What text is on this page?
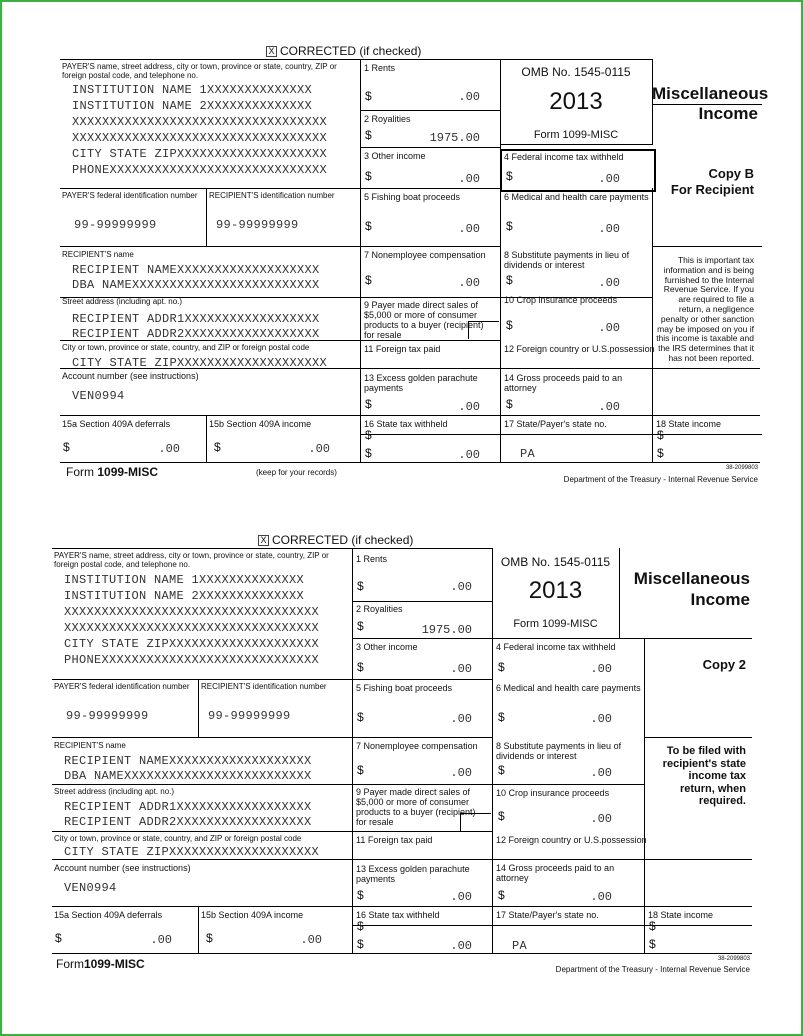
X CORRECTED (if checked)
PAYER'S name, street address, city or town, province or state, country, ZIP or foreign postal code, and telephone no.
INSTITUTION NAME 1XXXXXXXXXXXXXX
INSTITUTION NAME 2XXXXXXXXXXXXXX
XXXXXXXXXXXXXXXXXXXXXXXXXXXXXXXXXX
XXXXXXXXXXXXXXXXXXXXXXXXXXXXXXXXXX
CITY STATE ZIPXXXXXXXXXXXXXXXXXXXX
PHONEXXXXXXXXXXXXXXXXXXXXXXXXXXXXX
PAYER'S federal identification number
99-99999999
RECIPIENT'S identification number
99-99999999
RECIPIENT'S name
RECIPIENT NAMEXXXXXXXXXXXXXXXXXXX
DBA NAMEXXXXXXXXXXXXXXXXXXXXXXXXX
Street address (including apt. no.)
RECIPIENT ADDR1XXXXXXXXXXXXXXXXXX
RECIPIENT ADDR2XXXXXXXXXXXXXXXXXX
City or town, province or state, country, and ZIP or foreign postal code
CITY STATE ZIPXXXXXXXXXXXXXXXXXXXX
Account number (see instructions)
VEN0994
15a Section 409A deferrals
$	.00
15b Section 409A income
$	.00
1 Rents
$	.00
2 Royalities
$	1975.00
3 Other income
$	.00
5 Fishing boat proceeds
$	.00
7 Nonemployee compensation
$	.00
9 Payer made direct sales of $5,000 or more of consumer products to a buyer (recipient) for resale
11 Foreign tax paid
13 Excess golden parachute payments
$	.00
16 State tax withheld
$
$	.00
OMB No. 1545-0115
2013
Form 1099-MISC
4 Federal income tax withheld
$	.00
6 Medical and health care payments
$	.00
8 Substitute payments in lieu of dividends or interest
$	.00
10 Crop insurance proceeds
$	.00
12 Foreign country or U.S.possession
14 Gross proceeds paid to an attorney
$	.00
17 State/Payer's state no.
PA
Miscellaneous
Income
Copy B
For Recipient
This is important tax information and is being furnished to the Internal Revenue Service. If you are required to file a return, a negligence penalty or other sanction may be imposed on you if this income is taxable and the IRS determines that it has not been reported.
18 State income
$
$
Form 1099-MISC	(keep for your records)	38-2099803
Department of the Treasury - Internal Revenue Service
X CORRECTED (if checked)
PAYER'S name, street address, city or town, province or state, country, ZIP or foreign postal code, and telephone no.
INSTITUTION NAME 1XXXXXXXXXXXXXX
INSTITUTION NAME 2XXXXXXXXXXXXXX
XXXXXXXXXXXXXXXXXXXXXXXXXXXXXXXXXX
XXXXXXXXXXXXXXXXXXXXXXXXXXXXXXXXXX
CITY STATE ZIPXXXXXXXXXXXXXXXXXXXX
PHONEXXXXXXXXXXXXXXXXXXXXXXXXXXXXX
PAYER'S federal identification number
99-99999999
RECIPIENT'S identification number
99-99999999
RECIPIENT'S name
RECIPIENT NAMEXXXXXXXXXXXXXXXXXXX
DBA NAMEXXXXXXXXXXXXXXXXXXXXXXXXX
Street address (including apt. no.)
RECIPIENT ADDR1XXXXXXXXXXXXXXXXXX
RECIPIENT ADDR2XXXXXXXXXXXXXXXXXX
City or town, province or state, country, and ZIP or foreign postal code
CITY STATE ZIPXXXXXXXXXXXXXXXXXXXX
Account number (see instructions)
VEN0994
15a Section 409A deferrals
$	.00
15b Section 409A income
$	.00
1 Rents
$	.00
2 Royalities
$	1975.00
3 Other income
$	.00
5 Fishing boat proceeds
$	.00
7 Nonemployee compensation
$	.00
9 Payer made direct sales of $5,000 or more of consumer products to a buyer (recipient) for resale
11 Foreign tax paid
13 Excess golden parachute payments
$	.00
16 State tax withheld
$
$	.00
OMB No. 1545-0115
2013
Form 1099-MISC
4 Federal income tax withheld
$	.00
6 Medical and health care payments
$	.00
8 Substitute payments in lieu of dividends or interest
$	.00
10 Crop insurance proceeds
$	.00
12 Foreign country or U.S.possession
14 Gross proceeds paid to an attorney
$	.00
17 State/Payer's state no.
PA
Miscellaneous
Income
Copy 2
To be filed with recipient's state income tax return, when required.
18 State income
$
$
Form1099-MISC	38-2099803
Department of the Treasury - Internal Revenue Service
